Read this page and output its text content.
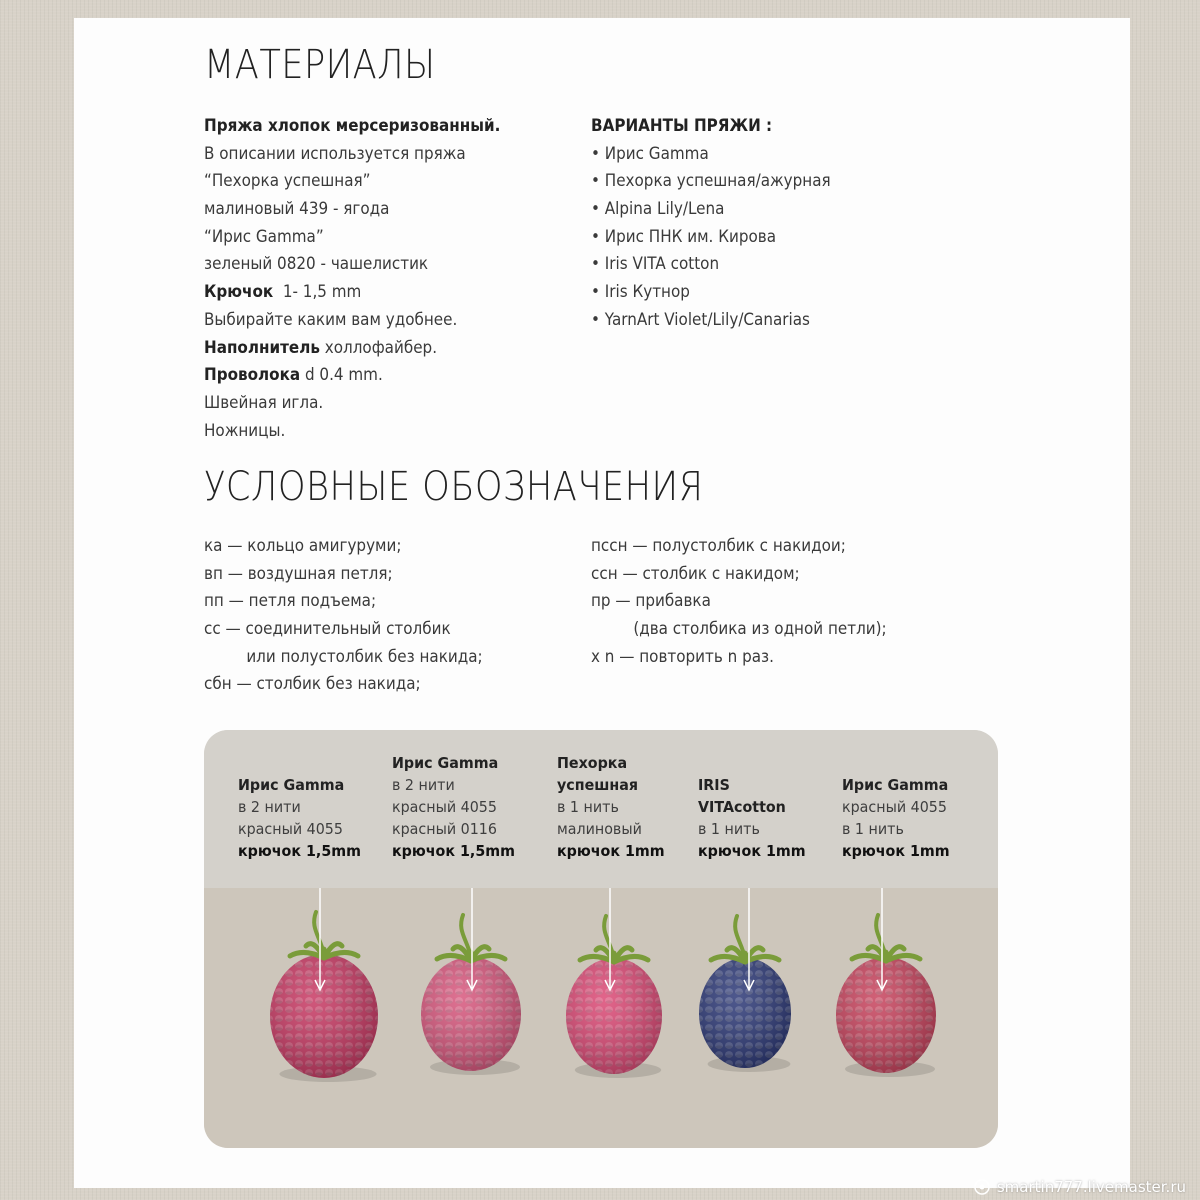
МАТЕРИАЛЫ
Пряжа хлопок мерсеризованный.
В описании используется пряжа
“Пехорка успешная”
малиновый 439 - ягода
“Ирис Gamma”
зеленый 0820 - чашелистик
Крючок  1- 1,5 mm
Выбирайте каким вам удобнее.
Наполнитель холлофайбер.
Проволока d 0.4 mm.
Швейная игла.
Ножницы.
ВАРИАНТЫ ПРЯЖИ :
• Ирис Gamma
• Пехорка успешная/ажурная
• Alpina Lily/Lena
• Ирис ПНК им. Кирова
• Iris VITA cotton
• Iris Кутнор
• YarnArt Violet/Lily/Canarias
УСЛОВНЫЕ ОБОЗНАЧЕНИЯ
ка — кольцо амигуруми;
вп — воздушная петля;
пп — петля подъема;
сс — соединительный столбик
или полустолбик без накида;
сбн — столбик без накида;
пссн — полустолбик с накидои;
ссн — столбик с накидом;
пр — прибавка
(два столбика из одной петли);
x n — повторить n раз.
Ирис Gamma
в 2 нити
красный 4055
крючок 1,5mm
Ирис Gamma
в 2 нити
красный 4055
красный 0116
крючок 1,5mm
Пехорка
успешная
в 1 нить
малиновый
крючок 1mm
IRIS
VITAcotton
в 1 нить
крючок 1mm
Ирис Gamma
красный 4055
в 1 нить
крючок 1mm
smartin777.livemaster.ru
